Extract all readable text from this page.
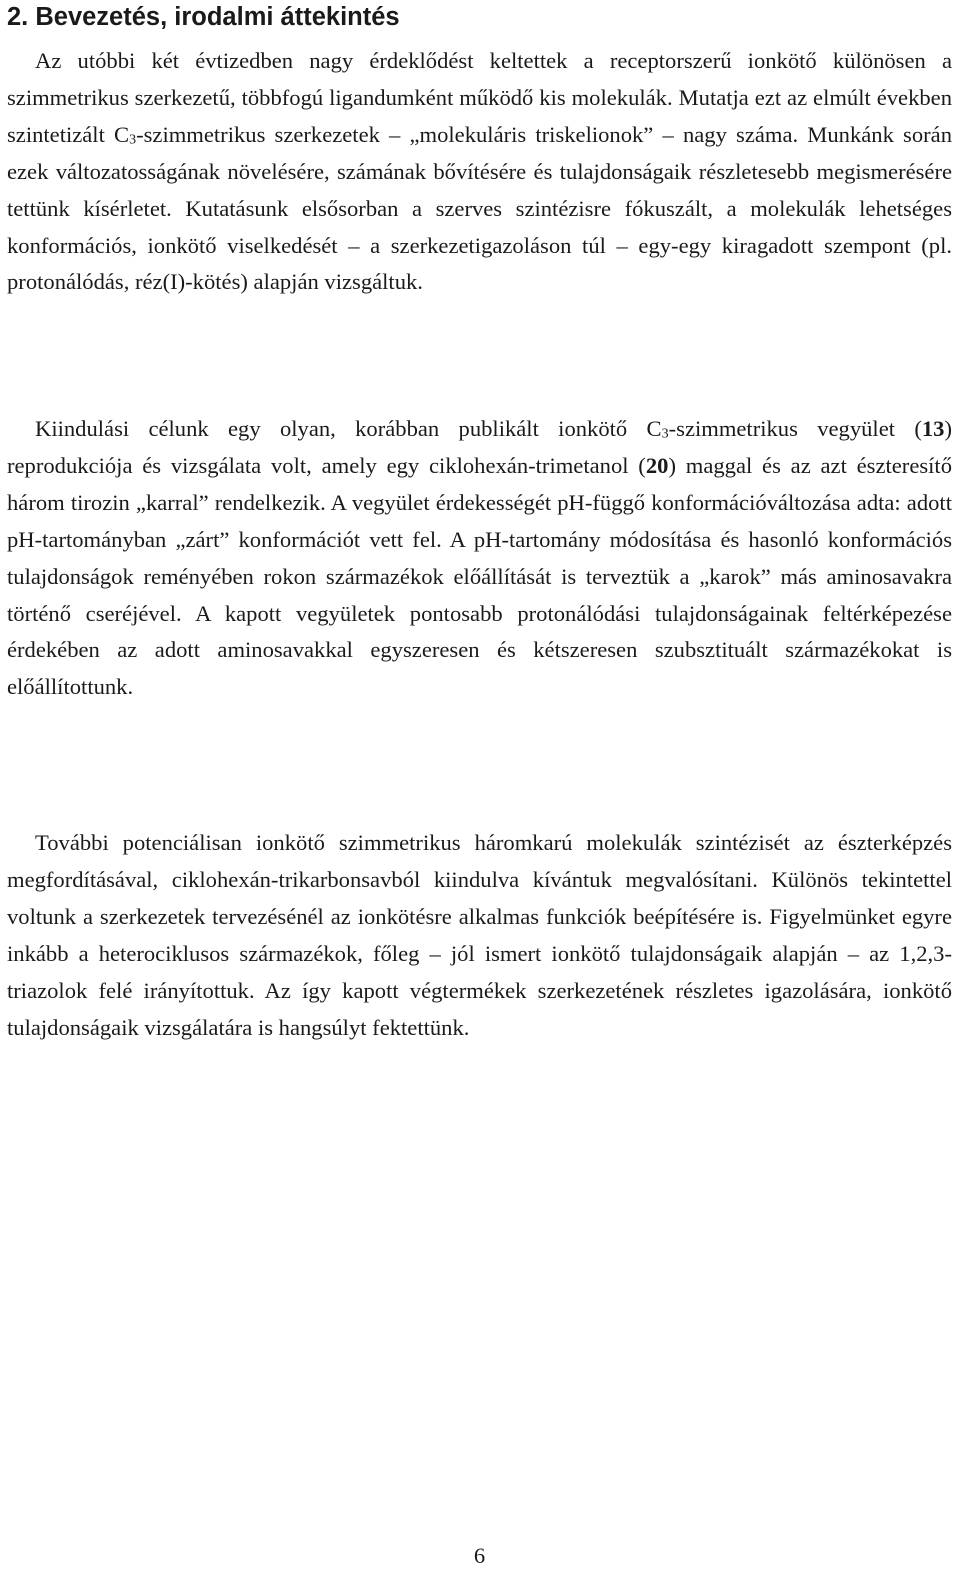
2. Bevezetés, irodalmi áttekintés

Az utóbbi két évtizedben nagy érdeklődést keltettek a receptorszerű ionkötő különösen a szimmetrikus szerkezetű, többfogú ligandumként működő kis molekulák. Mutatja ezt az elmúlt években szintetizált $C_3$-szimmetrikus szerkezetek – „molekuláris triskelionok” – nagy száma. Munkánk során ezek változatosságának növelésére, számának bővítésére és tulajdonságaik részletesebb megismerésére tettünk kísérletet. Kutatásunk elsősorban a szerves szintézisre fókuszált, a molekulák lehetséges konformációs, ionkötő viselkedését – a szerkezetigazoláson túl – egy-egy kiragadott szempont (pl. protonálódás, réz(I)-kötés) alapján vizsgáltuk.

Kiindulási célunk egy olyan, korábban publikált ionkötő $C_3$-szimmetrikus vegyület (13) reprodukciója és vizsgálata volt, amely egy ciklohexán-trimetanol (20) maggal és az azt észteresítő három tirozin „karral” rendelkezik. A vegyület érdekességét pH-függő konformációváltozása adta: adott pH-tartományban „zárt” konformációt vett fel. A pH-tartomány módosítása és hasonló konformációs tulajdonságok reményében rokon származékok előállítását is terveztük a „karok” más aminosavakra történő cseréjével. A kapott vegyületek pontosabb protonálódási tulajdonságainak feltérképezése érdekében az adott aminosavakkal egyszeresen és kétszeresen szubsztituált származékokat is előállítottunk.

További potenciálisan ionkötő szimmetrikus háromkarú molekulák szintézisét az észterképzés megfordításával, ciklohexán-trikarbonsavból kiindulva kívántuk megvalósítani. Különös tekintettel voltunk a szerkezetek tervezésénél az ionkötésre alkalmas funkciók beépítésére is. Figyelmünket egyre inkább a heterociklusos származékok, főleg – jól ismert ionkötő tulajdonságaik alapján – az 1,2,3-triazolok felé irányítottuk. Az így kapott végtermékek szerkezetének részletes igazolására, ionkötő tulajdonságaik vizsgálatára is hangsúlyt fektettünk.

6
